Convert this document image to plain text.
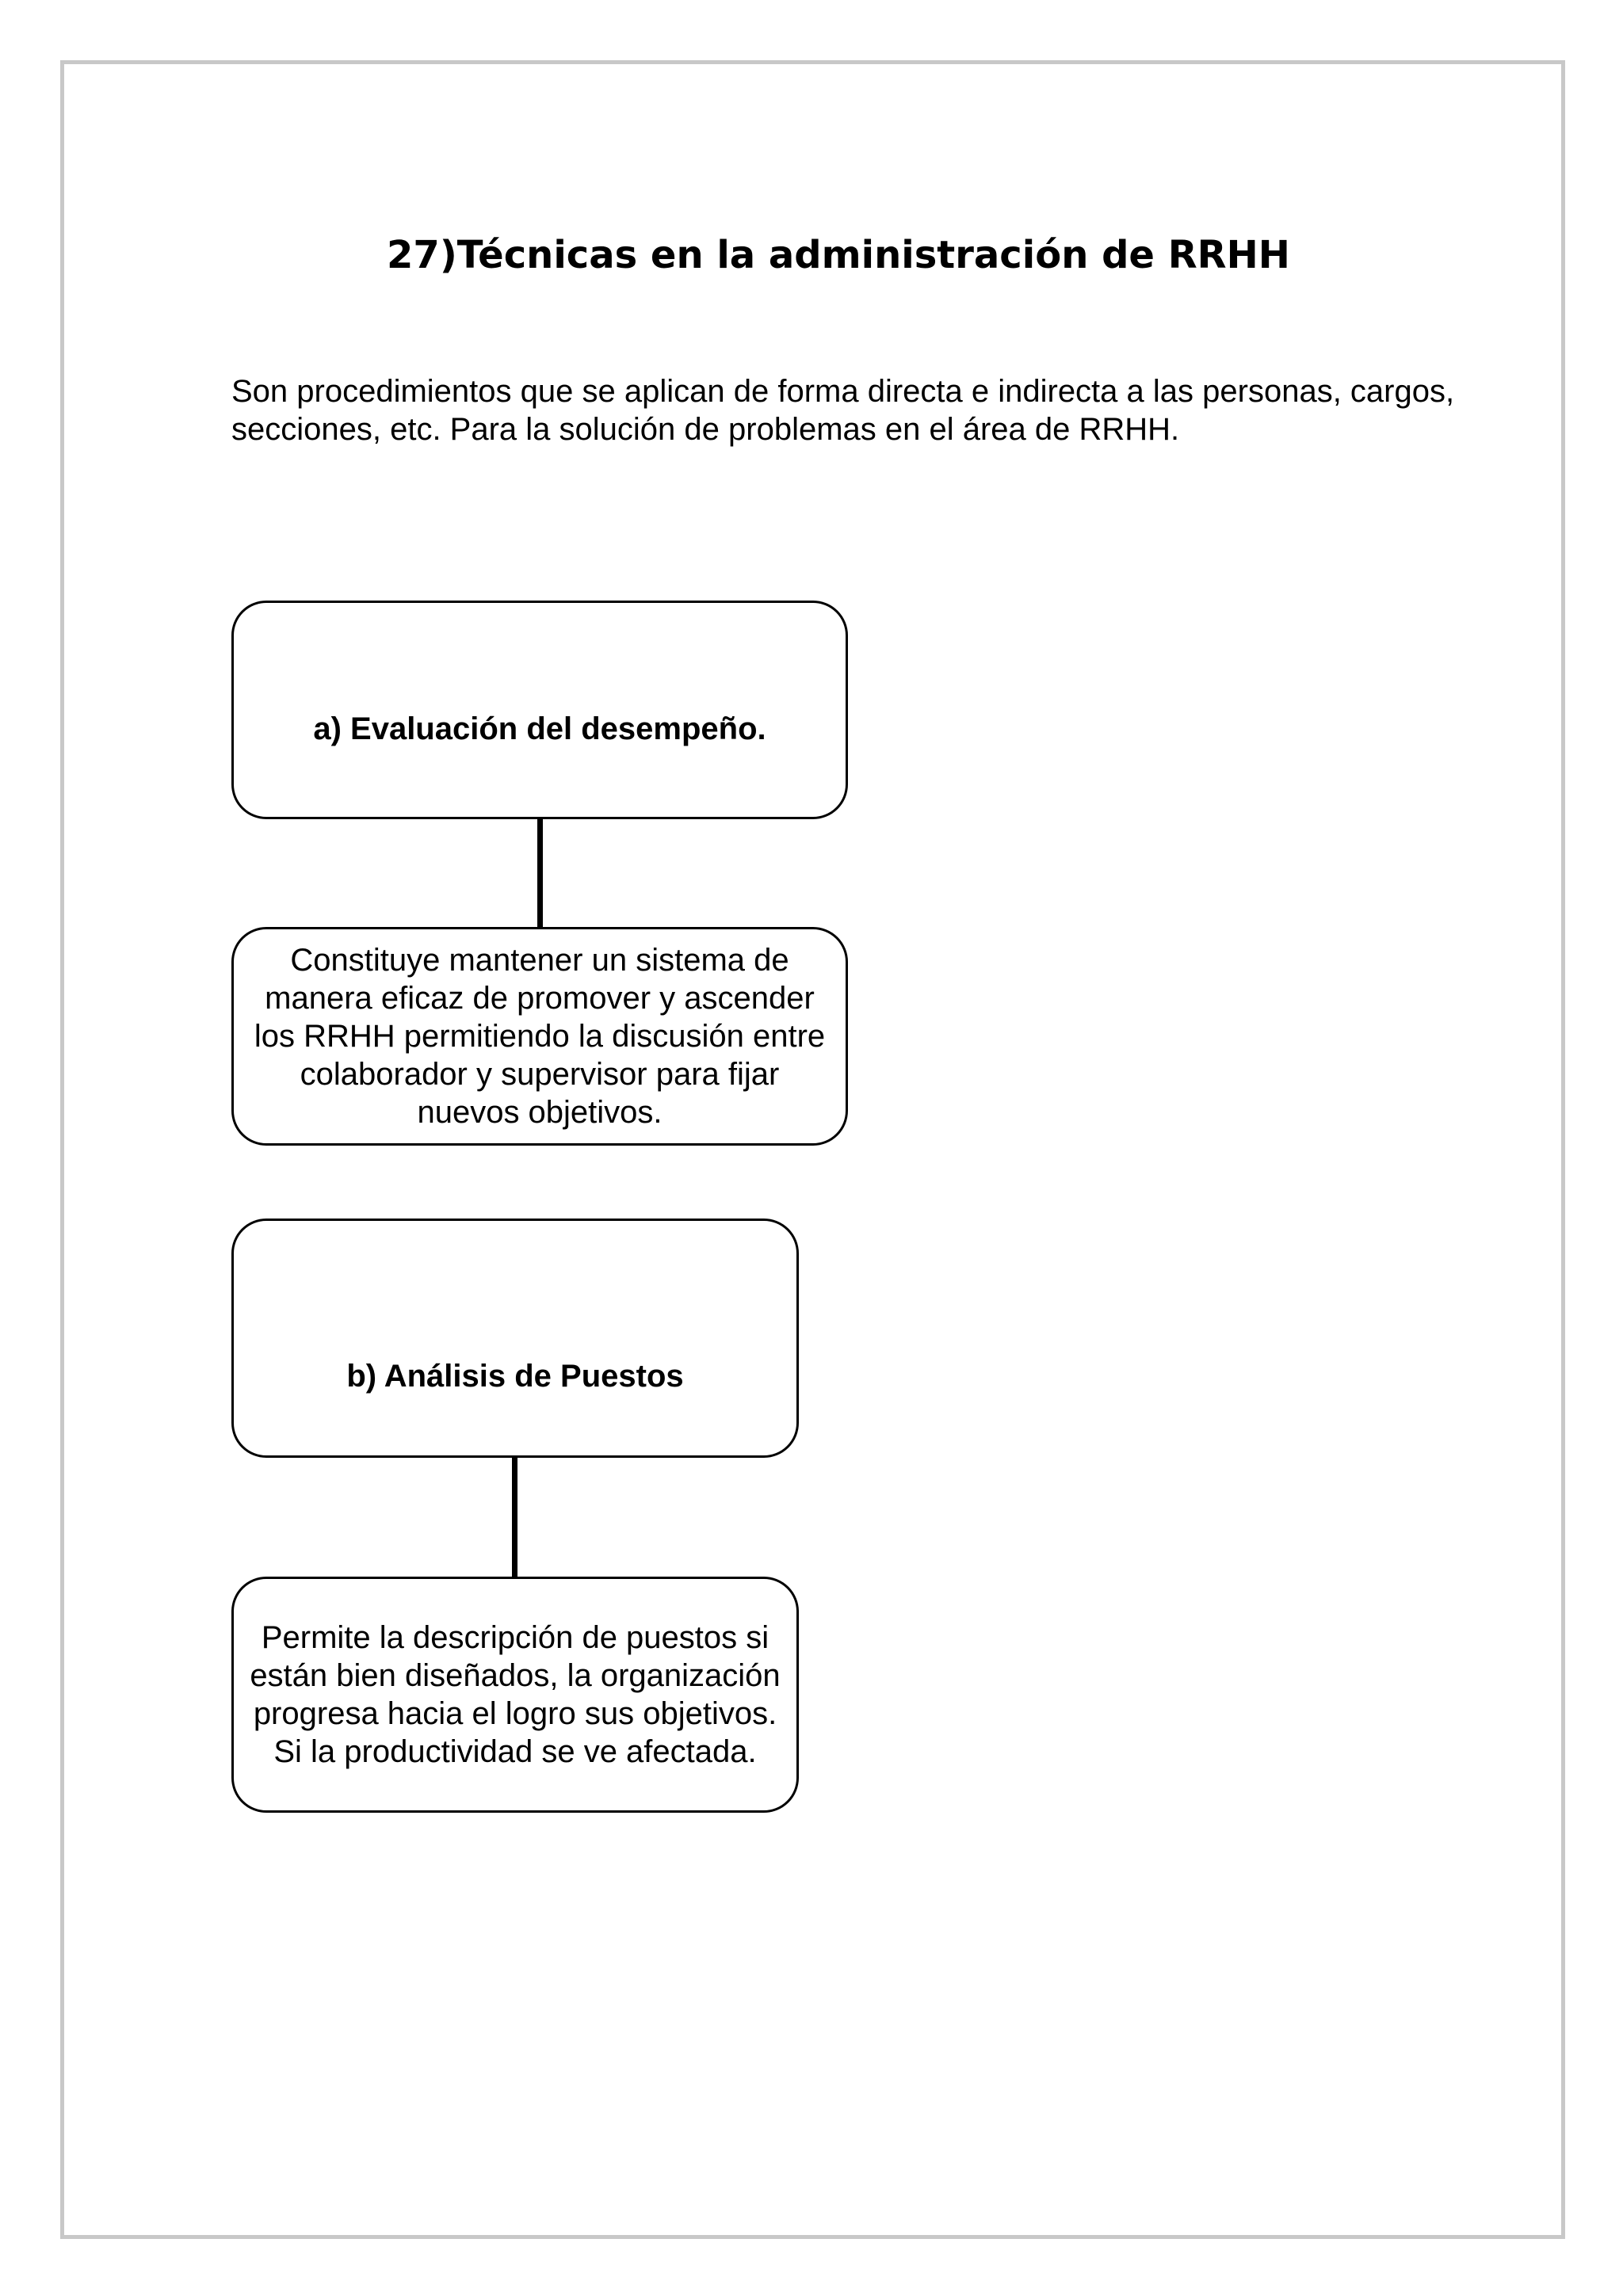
27)Técnicas en la administración de RRHH

Son procedimientos que se aplican de forma directa e indirecta a las personas, cargos, secciones, etc. Para la solución de problemas en el área de RRHH.

a) Evaluación del desempeño.
Constituye mantener un sistema de manera eficaz de promover y ascender los RRHH permitiendo la discusión entre colaborador y supervisor para fijar nuevos objetivos.
b) Análisis de Puestos
Permite la descripción de puestos si están bien diseñados, la organización progresa hacia el logro sus objetivos. Si la productividad se ve afectada.
